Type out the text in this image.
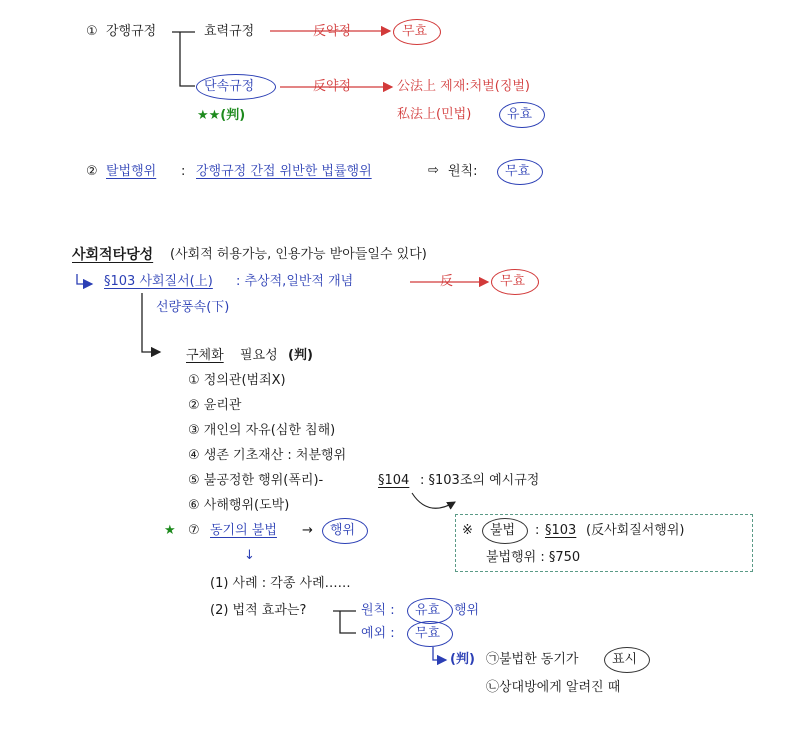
① 강행규정	효력규정	反약정	무효
단속규정	反약정	公法上 제재:처벌(징벌)
私法上(민법)	유효
★★(判)
② 탈법행위 : 강행규정 간접 위반한 법률행위	⇨ 원칙: 무효
사회적타당성 (사회적 허용가능, 인용가능 받아들일수 있다)
§103 사회질서(上) : 추상적,일반적 개념	反	무효
선량풍속(下)
구체화 필요성 (判)
① 정의관(범죄Ⅹ)
② 윤리관
③ 개인의 자유(심한 침해)
④ 생존 기초재산 : 처분행위
⑤ 불공정한 행위(폭리)-	§104 : §103조의 예시규정
⑥ 사해행위(도박)
★ ⑦ 동기의 불법 → 행위
↓
(1) 사례 : 각종 사례……
(2) 법적 효과는?	원칙 : 유효 행위
예외 : 무효
(判) ㉠불법한 동기가	표시
㉡상대방에게 알려진 때
※ 불법 : §103 (反사회질서행위)
불법행위 : §750
